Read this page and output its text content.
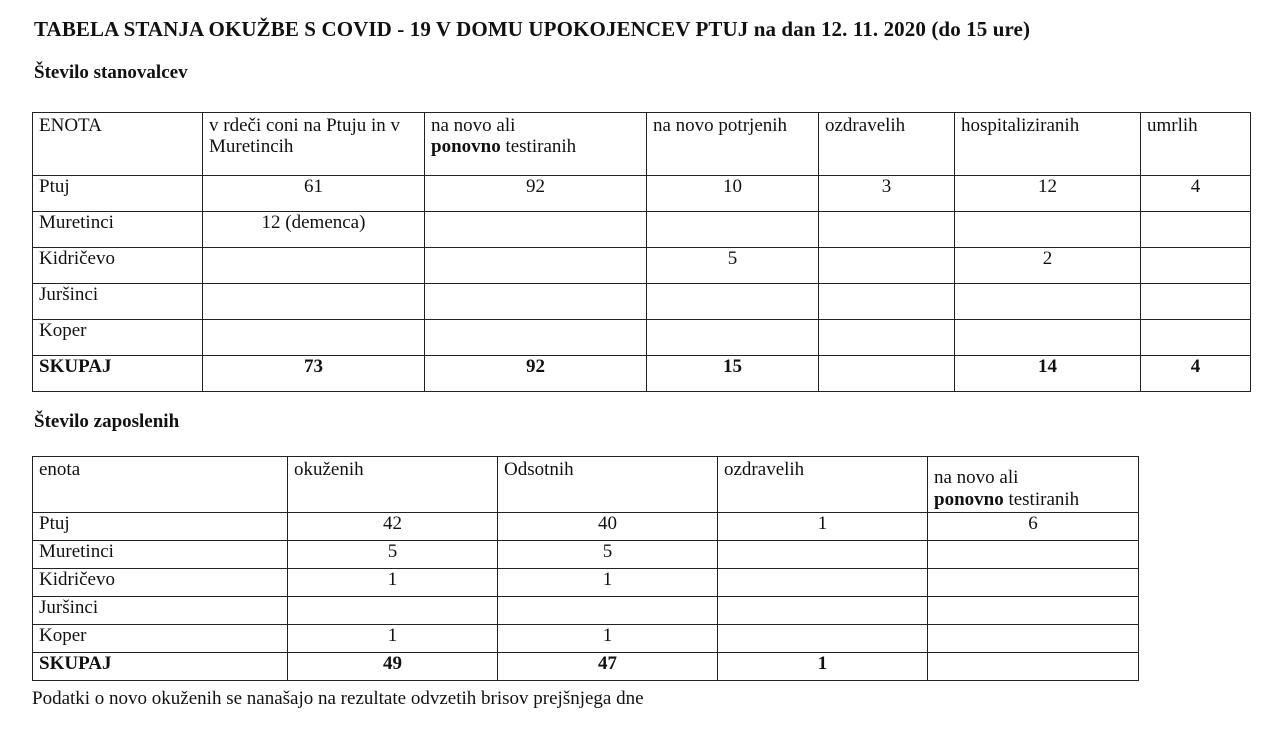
TABELA STANJA OKUŽBE S COVID - 19 V DOMU UPOKOJENCEV PTUJ na dan 12. 11. 2020 (do 15 ure)
Število stanovalcev
ENOTA	v rdeči coni na Ptuju in v Muretincih	na novo ali
ponovno testiranih	na novo potrjenih	ozdravelih	hospitaliziranih	umrlih
Ptuj	61	92	10	3	12	4
Muretinci	12 (demenca)					
Kidričevo			5		2	
Juršinci						
Koper						
SKUPAJ	73	92	15		14	4
Število zaposlenih
enota	okuženih	Odsotnih	ozdravelih	na novo ali
ponovno testiranih
Ptuj	42	40	1	6
Muretinci	5	5		
Kidričevo	1	1		
Juršinci				
Koper	1	1		
SKUPAJ	49	47	1	
Podatki o novo okuženih se nanašajo na rezultate odvzetih brisov prejšnjega dne
